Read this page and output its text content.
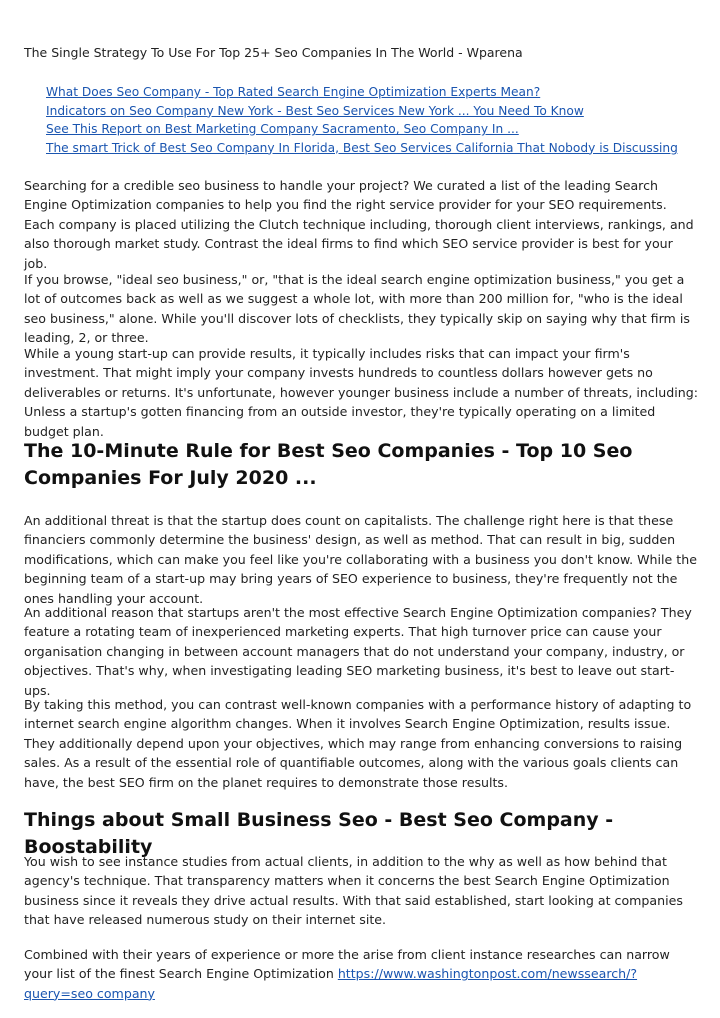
The Single Strategy To Use For Top 25+ Seo Companies In The World - Wparena
What Does Seo Company - Top Rated Search Engine Optimization Experts Mean?
Indicators on Seo Company New York - Best Seo Services New York ... You Need To Know
See This Report on Best Marketing Company Sacramento, Seo Company In ...
The smart Trick of Best Seo Company In Florida, Best Seo Services California That Nobody is Discussing

Searching for a credible seo business to handle your project? We curated a list of the leading Search Engine Optimization companies to help you find the right service provider for your SEO requirements. Each company is placed utilizing the Clutch technique including, thorough client interviews, rankings, and also thorough market study. Contrast the ideal firms to find which SEO service provider is best for your job.

If you browse, "ideal seo business," or, "that is the ideal search engine optimization business," you get a lot of outcomes back as well as we suggest a whole lot, with more than 200 million for, "who is the ideal seo business," alone. While you'll discover lots of checklists, they typically skip on saying why that firm is leading, 2, or three.

While a young start-up can provide results, it typically includes risks that can impact your firm's investment. That might imply your company invests hundreds to countless dollars however gets no deliverables or returns. It's unfortunate, however younger business include a number of threats, including: Unless a startup's gotten financing from an outside investor, they're typically operating on a limited budget plan.

The 10-Minute Rule for Best Seo Companies - Top 10 Seo Companies For July 2020 ...

An additional threat is that the startup does count on capitalists. The challenge right here is that these financiers commonly determine the business' design, as well as method. That can result in big, sudden modifications, which can make you feel like you're collaborating with a business you don't know. While the beginning team of a start-up may bring years of SEO experience to business, they're frequently not the ones handling your account.

An additional reason that startups aren't the most effective Search Engine Optimization companies? They feature a rotating team of inexperienced marketing experts. That high turnover price can cause your organisation changing in between account managers that do not understand your company, industry, or objectives. That's why, when investigating leading SEO marketing business, it's best to leave out start-ups.

By taking this method, you can contrast well-known companies with a performance history of adapting to internet search engine algorithm changes. When it involves Search Engine Optimization, results issue. They additionally depend upon your objectives, which may range from enhancing conversions to raising sales. As a result of the essential role of quantifiable outcomes, along with the various goals clients can have, the best SEO firm on the planet requires to demonstrate those results.

Things about Small Business Seo - Best Seo Company - Boostability

You wish to see instance studies from actual clients, in addition to the why as well as how behind that agency's technique. That transparency matters when it concerns the best Search Engine Optimization business since it reveals they drive actual results. With that said established, start looking at companies that have released numerous study on their internet site.

Combined with their years of experience or more the arise from client instance researches can narrow your list of the finest Search Engine Optimization https://www.washingtonpost.com/newssearch/?query=seo company
